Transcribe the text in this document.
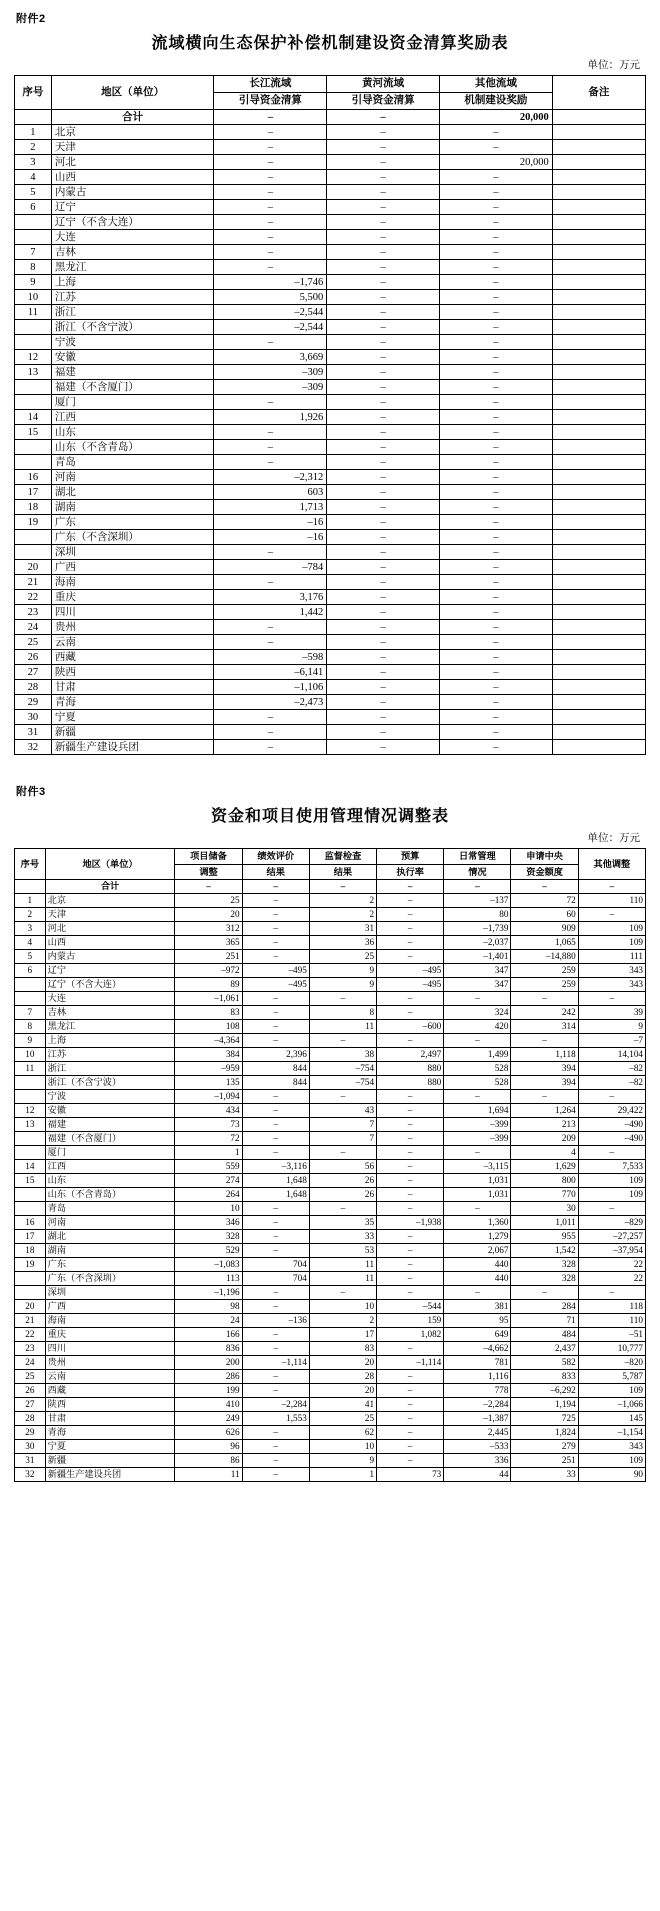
附件2
流域横向生态保护补偿机制建设资金清算奖励表
单位：万元
序号	地区（单位）	长江流域	黄河流域	其他流域	备注
		引导资金清算	引导资金清算	机制建设奖励	
	合计	–	–	20,000	
1	北京	–	–	–	
2	天津	–	–	–	
3	河北	–	–	20,000	
4	山西	–	–	–	
5	内蒙古	–	–	–	
6	辽宁	–	–	–	
	辽宁（不含大连）	–	–	–	
	大连	–	–	–	
7	吉林	–	–	–	
8	黑龙江	–	–	–	
9	上海	–1,746	–	–	
10	江苏	5,500	–	–	
11	浙江	–2,544	–	–	
	浙江（不含宁波）	–2,544	–	–	
	宁波	–	–	–	
12	安徽	3,669	–	–	
13	福建	–309	–	–	
	福建（不含厦门）	–309	–	–	
	厦门	–	–	–	
14	江西	1,926	–	–	
15	山东	–	–	–	
	山东（不含青岛）	–	–	–	
	青岛	–	–	–	
16	河南	–2,312	–	–	
17	湖北	603	–	–	
18	湖南	1,713	–	–	
19	广东	–16	–	–	
	广东（不含深圳）	–16	–	–	
	深圳	–	–	–	
20	广西	–784	–	–	
21	海南	–	–	–	
22	重庆	3,176	–	–	
23	四川	1,442	–	–	
24	贵州	–	–	–	
25	云南	–	–	–	
26	西藏	–598	–	–	
27	陕西	–6,141	–	–	
28	甘肃	–1,106	–	–	
29	青海	–2,473	–	–	
30	宁夏	–	–	–	
31	新疆	–	–	–	
32	新疆生产建设兵团	–	–	–	
附件3
资金和项目使用管理情况调整表
单位：万元
序号	地区（单位）	项目储备	绩效评价	监督检查	预算	日常管理	申请中央	其他调整
		调整	结果	结果	执行率	情况	资金额度	
	合计	–	–	–	–	–	–	–
1	北京	25	–	2	–	–137	72	110
2	天津	20	–	2	–	80	60	–
3	河北	312	–	31	–	–1,739	909	109
4	山西	365	–	36	–	–2,037	1,065	109
5	内蒙古	251	–	25	–	–1,401	–14,880	111
6	辽宁	–972	–495	9	–495	347	259	343
	辽宁（不含大连）	89	–495	9	–495	347	259	343
	大连	–1,061	–	–	–	–	–	–
7	吉林	83	–	8	–	324	242	39
8	黑龙江	108	–	11	–600	420	314	9
9	上海	–4,364	–	–	–	–	–	–7
10	江苏	384	2,396	38	2,497	1,499	1,118	14,104
11	浙江	–959	844	–754	880	528	394	–82
	浙江（不含宁波）	135	844	–754	880	528	394	–82
	宁波	–1,094	–	–	–	–	–	–
12	安徽	434	–	43	–	1,694	1,264	29,422
13	福建	73	–	7	–	–399	213	–490
	福建（不含厦门）	72	–	7	–	–399	209	–490
	厦门	1	–	–	–	–	4	–
14	江西	559	–3,116	56	–	–3,115	1,629	7,533
15	山东	274	1,648	26	–	1,031	800	109
	山东（不含青岛）	264	1,648	26	–	1,031	770	109
	青岛	10	–	–	–	–	30	–
16	河南	346	–	35	–1,938	1,360	1,011	–829
17	湖北	328	–	33	–	1,279	955	–27,257
18	湖南	529	–	53	–	2,067	1,542	–37,954
19	广东	–1,083	704	11	–	440	328	22
	广东（不含深圳）	113	704	11	–	440	328	22
	深圳	–1,196	–	–	–	–	–	–
20	广西	98	–	10	–544	381	284	118
21	海南	24	–136	2	159	95	71	110
22	重庆	166	–	17	1,082	649	484	–51
23	四川	836	–	83	–	–4,662	2,437	10,777
24	贵州	200	–1,114	20	–1,114	781	582	–820
25	云南	286	–	28	–	1,116	833	5,787
26	西藏	199	–	20	–	778	–6,292	109
27	陕西	410	–2,284	41	–	–2,284	1,194	–1,066
28	甘肃	249	1,553	25	–	–1,387	725	145
29	青海	626	–	62	–	2,445	1,824	–1,154
30	宁夏	96	–	10	–	–533	279	343
31	新疆	86	–	9	–	336	251	109
32	新疆生产建设兵团	11	–	1	73	44	33	90
